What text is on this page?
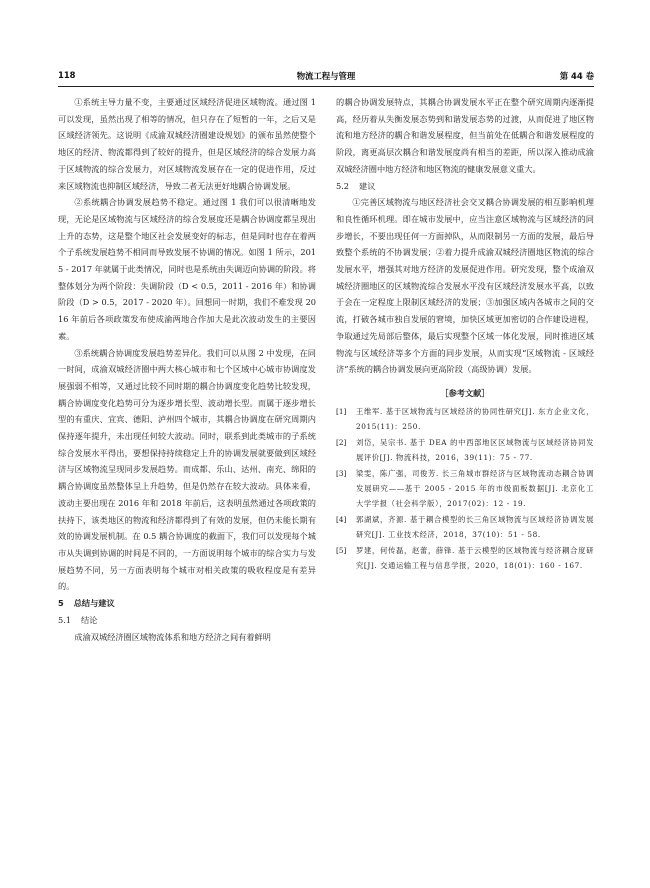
118	物流工程与管理	第 44 卷

①系统主导力量不变，主要通过区域经济促进区域物流。通过图 1 可以发现，虽然出现了相等的情况，但只存在了短暂的一年，之后又是区域经济领先。这说明《成渝双城经济圈建设规划》的颁布虽然使整个地区的经济、物流都得到了较好的提升，但是区域经济的综合发展力高于区域物流的综合发展力，对区域物流发展存在一定的促进作用，反过来区域物流也抑制区域经济，导致二者无法更好地耦合协调发展。

②系统耦合协调发展趋势不稳定。通过图 1 我们可以很清晰地发现，无论是区域物流与区域经济的综合发展度还是耦合协调度都呈现出上升的态势，这是整个地区社会发展变好的标志，但是同时也存在着两个子系统发展趋势不相同而导致发展不协调的情况。如图 1 所示，2015 - 2017 年就属于此类情况，同时也是系统由失调迈向协调的阶段。将整体划分为两个阶段：失调阶段（D < 0.5，2011 - 2016 年）和协调阶段（D > 0.5，2017 - 2020 年）。回想同一时期，我们不难发现 2016 年前后各项政策发布使成渝两地合作加大是此次波动发生的主要因素。

③系统耦合协调度发展趋势差异化。我们可以从图 2 中发现，在同一时间，成渝双城经济圈中两大核心城市和七个区域中心城市协调度发展强弱不相等，又通过比较不同时期的耦合协调度变化趋势比较发现，耦合协调度变化趋势可分为逐步增长型、波动增长型。而属于逐步增长型的有重庆、宜宾、德阳、泸州四个城市，其耦合协调度在研究周期内保持逐年提升，未出现任何较大波动。同时，联系到此类城市的子系统综合发展水平得出，要想保持持续稳定上升的协调发展就要做到区域经济与区域物流呈现同步发展趋势。而成都、乐山、达州、南充、绵阳的耦合协调度虽然整体呈上升趋势，但是仍然存在较大波动。具体来看，波动主要出现在 2016 年和 2018 年前后，这表明虽然通过各项政策的扶持下，该类地区的物流和经济都得到了有效的发展，但仍未能长期有效的协调发展机制。在 0.5 耦合协调度的截面下，我们可以发现每个城市从失调到协调的时间是不同的，一方面说明每个城市的综合实力与发展趋势不同，另一方面表明每个城市对相关政策的吸收程度是有差异的。

5 总结与建议
5.1 结论

成渝双城经济圈区域物流体系和地方经济之间有着鲜明

的耦合协调发展特点，其耦合协调发展水平正在整个研究周期内逐渐提高，经历着从失衡发展态势到和谐发展态势的过渡，从而促进了地区物流和地方经济的耦合和谐发展程度，但当前处在低耦合和谐发展程度的阶段，离更高层次耦合和谐发展度尚有相当的差距，所以深入推动成渝双城经济圈中地方经济和地区物流的健康发展意义重大。

5.2 建议

①完善区域物流与地区经济社会交叉耦合协调发展的相互影响机理和良性循环机理。即在城市发展中，应当注意区域物流与区域经济的同步增长，不要出现任何一方面掉队，从而限制另一方面的发展，最后导致整个系统的不协调发展；②着力提升成渝双城经济圈地区物流的综合发展水平，增强其对地方经济的发展促进作用。研究发现，整个成渝双城经济圈地区的区域物流综合发展水平没有区域经济发展水平高，以致于会在一定程度上限制区域经济的发展；③加强区域内各城市之间的交流，打破各城市独自发展的窘境，加快区域更加密切的合作建设进程，争取通过先局部后整体，最后实现整个区域一体化发展，同时推进区域物流与区域经济等多个方面的同步发展，从而实现“区域物流 - 区域经济”系统的耦合协调发展向更高阶段（高级协调）发展。

［参考文献］
[1]	王维军. 基于区域物流与区域经济的协同性研究[J]. 东方企业文化，2015(11)：250.
[2]	刘岱，吴宗书. 基于 DEA 的中西部地区区域物流与区域经济协同发展评价[J]. 物流科技，2016，39(11)：75 - 77.
[3]	梁雯，陈广强，司俊芳. 长三角城市群经济与区域物流动态耦合协调发展研究——基于 2005 - 2015 年的市级面板数据[J]. 北京化工大学学报（社会科学版），2017(02)：12 - 19.
[4]	郭湖斌，齐源. 基于耦合模型的长三角区域物流与区域经济协调发展研究[J]. 工业技术经济，2018，37(10)：51 - 58.
[5]	罗建，何传磊，赵蕾，薛锋. 基于云模型的区域物流与经济耦合度研究[J]. 交通运输工程与信息学报，2020，18(01)：160 - 167.
